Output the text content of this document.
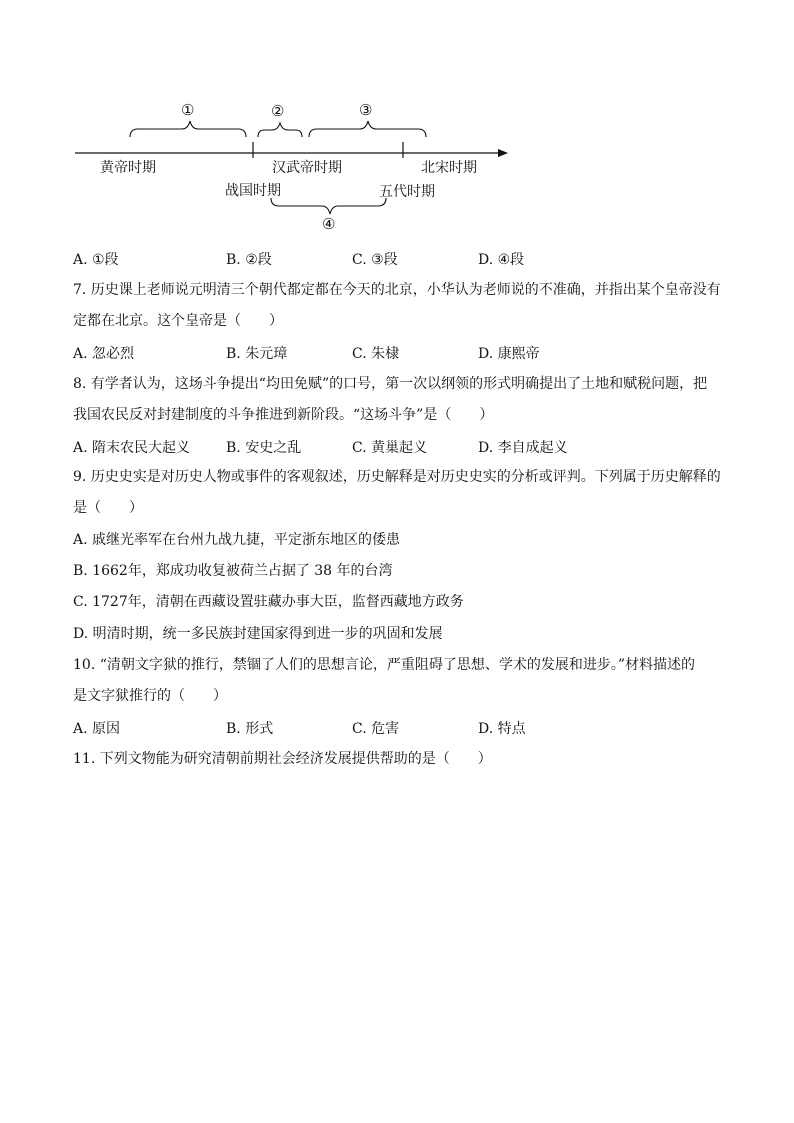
①	②	③
④
黄帝时期
战国时期
汉武帝时期
五代时期
北宋时期
A. ①段	B. ②段	C. ③段	D. ④段
7. 历史课上老师说元明清三个朝代都定都在今天的北京，小华认为老师说的不准确，并指出某个皇帝没有
定都在北京。这个皇帝是（　　）
A. 忽必烈	B. 朱元璋	C. 朱棣	D. 康熙帝
8. 有学者认为，这场斗争提出“均田免赋”的口号，第一次以纲领的形式明确提出了土地和赋税问题，把
我国农民反对封建制度的斗争推进到新阶段。“这场斗争”是（　　）
A. 隋末农民大起义	B. 安史之乱	C. 黄巢起义	D. 李自成起义
9. 历史史实是对历史人物或事件的客观叙述，历史解释是对历史史实的分析或评判。下列属于历史解释的
是（　　）
A. 戚继光率军在台州九战九捷，平定浙东地区的倭患
B. 1662年，郑成功收复被荷兰占据了 38 年的台湾
C. 1727年，清朝在西藏设置驻藏办事大臣，监督西藏地方政务
D. 明清时期，统一多民族封建国家得到进一步的巩固和发展
10. “清朝文字狱的推行，禁锢了人们的思想言论，严重阻碍了思想、学术的发展和进步。”材料描述的
是文字狱推行的（　　）
A. 原因	B. 形式	C. 危害	D. 特点
11. 下列文物能为研究清朝前期社会经济发展提供帮助的是（　　）
